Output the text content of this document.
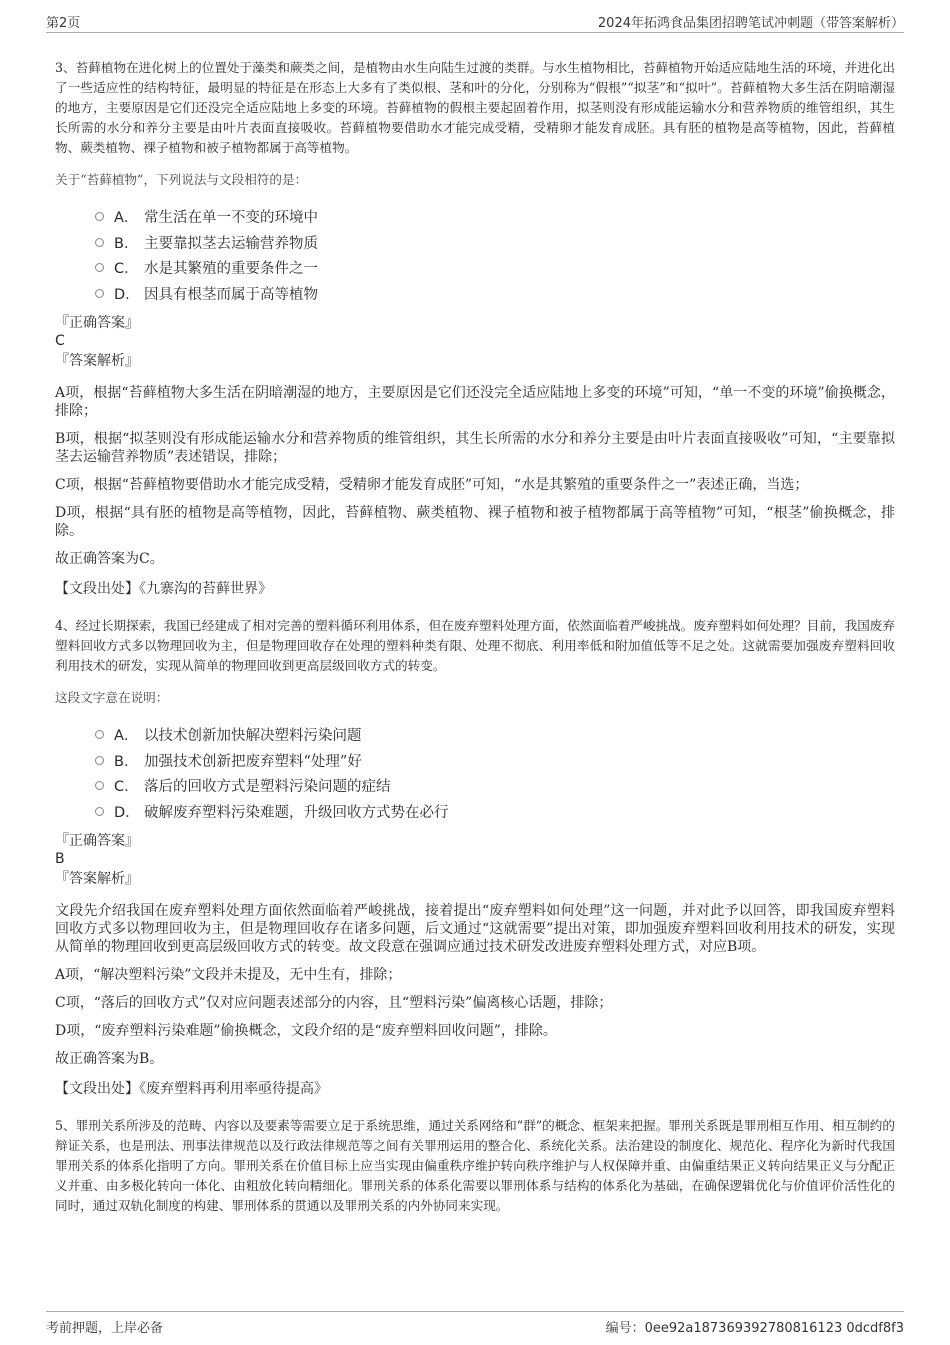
第2页	2024年拓鸿食品集团招聘笔试冲刺题（带答案解析）

3、苔藓植物在进化树上的位置处于藻类和蕨类之间，是植物由水生向陆生过渡的类群。与水生植物相比，苔藓植物开始适应陆地生活的环境，并进化出了一些适应性的结构特征，最明显的特征是在形态上大多有了类似根、茎和叶的分化，分别称为“假根”“拟茎”和“拟叶”。苔藓植物大多生活在阴暗潮湿的地方，主要原因是它们还没完全适应陆地上多变的环境。苔藓植物的假根主要起固着作用，拟茎则没有形成能运输水分和营养物质的维管组织，其生长所需的水分和养分主要是由叶片表面直接吸收。苔藓植物要借助水才能完成受精，受精卵才能发育成胚。具有胚的植物是高等植物，因此，苔藓植物、蕨类植物、裸子植物和被子植物都属于高等植物。

关于“苔藓植物”，下列说法与文段相符的是：

A． 常生活在单一不变的环境中
B． 主要靠拟茎去运输营养物质
C． 水是其繁殖的重要条件之一
D． 因具有根茎而属于高等植物
『正确答案』
C
『答案解析』

A项，根据“苔藓植物大多生活在阴暗潮湿的地方，主要原因是它们还没完全适应陆地上多变的环境”可知，“单一不变的环境”偷换概念，排除；

B项，根据“拟茎则没有形成能运输水分和营养物质的维管组织，其生长所需的水分和养分主要是由叶片表面直接吸收”可知，“主要靠拟茎去运输营养物质”表述错误，排除；

C项，根据“苔藓植物要借助水才能完成受精，受精卵才能发育成胚”可知，“水是其繁殖的重要条件之一”表述正确，当选；

D项，根据“具有胚的植物是高等植物，因此，苔藓植物、蕨类植物、裸子植物和被子植物都属于高等植物”可知，“根茎”偷换概念，排除。

故正确答案为C。

【文段出处】《九寨沟的苔藓世界》

4、经过长期探索，我国已经建成了相对完善的塑料循环利用体系，但在废弃塑料处理方面，依然面临着严峻挑战。废弃塑料如何处理？目前，我国废弃塑料回收方式多以物理回收为主，但是物理回收存在处理的塑料种类有限、处理不彻底、利用率低和附加值低等不足之处。这就需要加强废弃塑料回收利用技术的研发，实现从简单的物理回收到更高层级回收方式的转变。

这段文字意在说明：

A． 以技术创新加快解决塑料污染问题
B． 加强技术创新把废弃塑料“处理”好
C． 落后的回收方式是塑料污染问题的症结
D． 破解废弃塑料污染难题，升级回收方式势在必行
『正确答案』
B
『答案解析』

文段先介绍我国在废弃塑料处理方面依然面临着严峻挑战，接着提出“废弃塑料如何处理”这一问题，并对此予以回答，即我国废弃塑料回收方式多以物理回收为主，但是物理回收存在诸多问题，后文通过“这就需要”提出对策，即加强废弃塑料回收利用技术的研发，实现从简单的物理回收到更高层级回收方式的转变。故文段意在强调应通过技术研发改进废弃塑料处理方式，对应B项。

A项，“解决塑料污染”文段并未提及，无中生有，排除；

C项，“落后的回收方式”仅对应问题表述部分的内容，且“塑料污染”偏离核心话题，排除；

D项，“废弃塑料污染难题”偷换概念，文段介绍的是“废弃塑料回收问题”，排除。

故正确答案为B。

【文段出处】《废弃塑料再利用率亟待提高》

5、罪刑关系所涉及的范畴、内容以及要素等需要立足于系统思维，通过关系网络和“群”的概念、框架来把握。罪刑关系既是罪刑相互作用、相互制约的辩证关系，也是刑法、刑事法律规范以及行政法律规范等之间有关罪刑运用的整合化、系统化关系。法治建设的制度化、规范化、程序化为新时代我国罪刑关系的体系化指明了方向。罪刑关系在价值目标上应当实现由偏重秩序维护转向秩序维护与人权保障并重、由偏重结果正义转向结果正义与分配正义并重、由多极化转向一体化、由粗放化转向精细化。罪刑关系的体系化需要以罪刑体系与结构的体系化为基础，在确保逻辑优化与价值评价活性化的同时，通过双轨化制度的构建、罪刑体系的贯通以及罪刑关系的内外协同来实现。

考前押题，上岸必备	编号：0ee92a187369392780816123 0dcdf8f3
